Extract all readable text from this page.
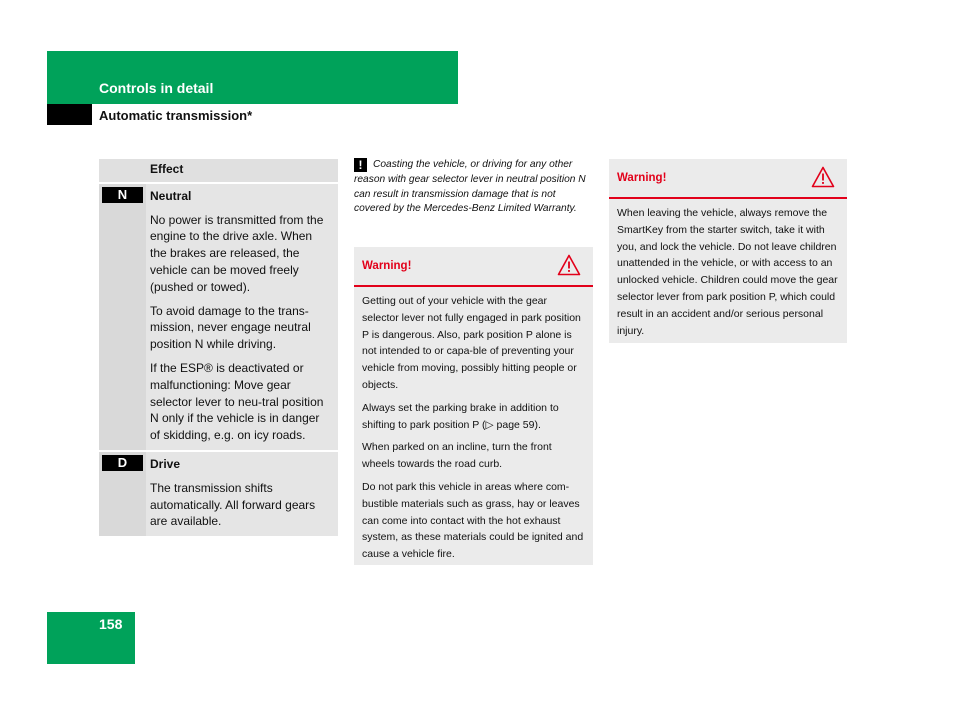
Controls in detail
Automatic transmission*
	Effect

N	Neutral

No power is transmitted from the engine to the drive axle. When the brakes are released, the vehicle can be moved freely (pushed or towed).

To avoid damage to the trans-mission, never engage neutral position N while driving.

If the ESP® is deactivated or malfunctioning: Move gear selector lever to neu-tral position N only if the vehicle is in danger of skidding, e.g. on icy roads.

D	Drive

The transmission shifts automatically. All forward gears are available.

! Coasting the vehicle, or driving for any other reason with gear selector lever in neutral position N can result in transmission damage that is not covered by the Mercedes-Benz Limited Warranty.
Warning!

Getting out of your vehicle with the gear selector lever not fully engaged in park position P is dangerous. Also, park position P alone is not intended to or capa-ble of preventing your vehicle from moving, possibly hitting people or objects.

Always set the parking brake in addition to shifting to park position P (▷ page 59).

When parked on an incline, turn the front wheels towards the road curb.

Do not park this vehicle in areas where com-bustible materials such as grass, hay or leaves can come into contact with the hot exhaust system, as these materials could be ignited and cause a vehicle fire.

Warning!

When leaving the vehicle, always remove the SmartKey from the starter switch, take it with you, and lock the vehicle. Do not leave children unattended in the vehicle, or with access to an unlocked vehicle. Children could move the gear selector lever from park position P, which could result in an accident and/or serious personal injury.

158
